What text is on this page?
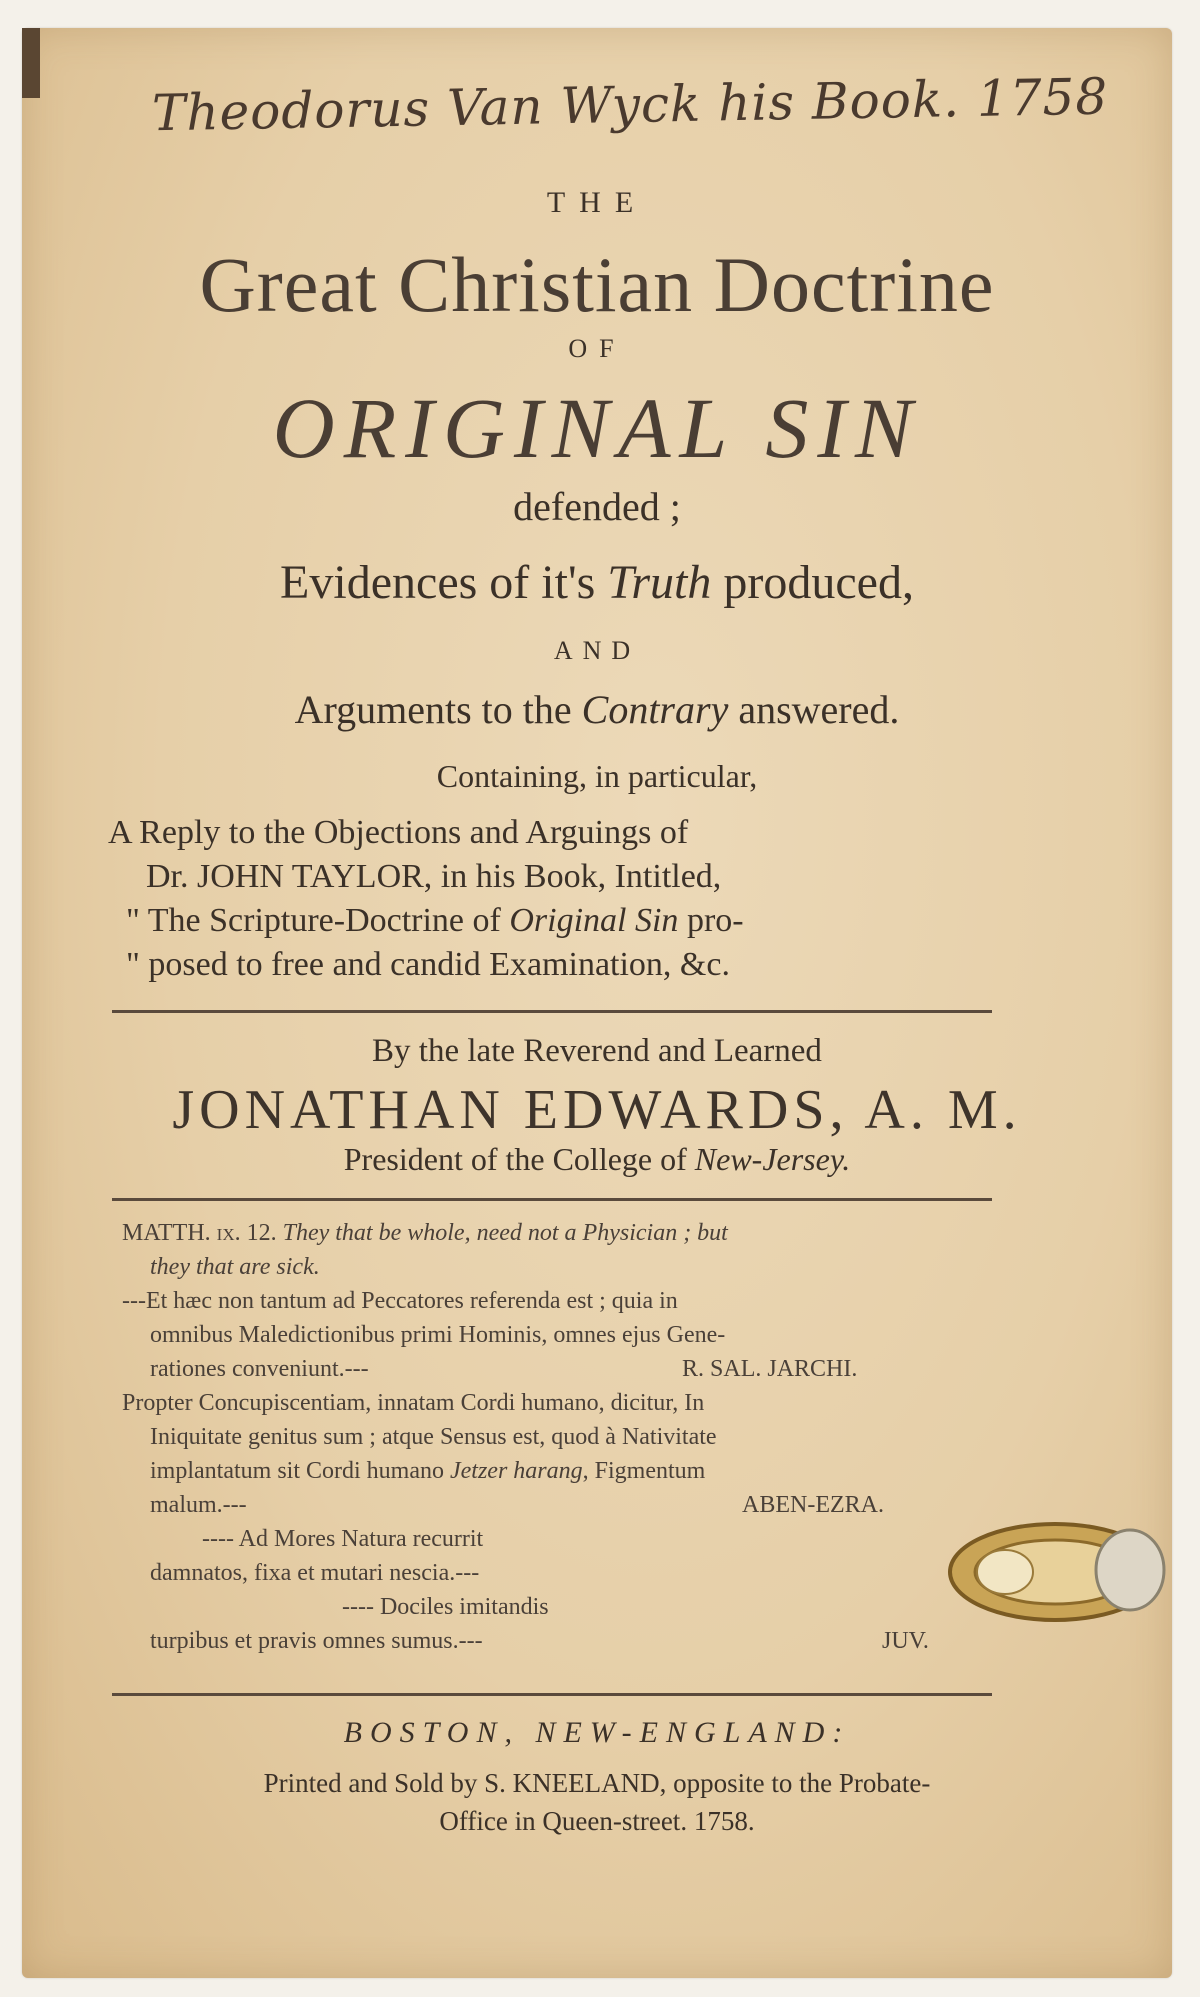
Theodorus Van Wyck his Book. 1758
THE
Great Christian Doctrine
OF
ORIGINAL SIN
defended ;
Evidences of it's Truth produced,
AND
Arguments to the Contrary answered.
Containing, in particular,
A Reply to the Objections and Arguings of
Dr. JOHN TAYLOR, in his Book, Intitled,
" The Scripture-Doctrine of Original Sin pro-
" posed to free and candid Examination, &c.
By the late Reverend and Learned
JONATHAN EDWARDS, A. M.
President of the College of New-Jersey.
MATTH. ix. 12. They that be whole, need not a Physician ; but
they that are sick.
---Et hæc non tantum ad Peccatores referenda est ; quia in
omnibus Maledictionibus primi Hominis, omnes ejus Gene-
rationes conveniunt.---	R. SAL. JARCHI.
Propter Concupiscentiam, innatam Cordi humano, dicitur, In
Iniquitate genitus sum ; atque Sensus est, quod à Nativitate
implantatum sit Cordi humano Jetzer harang, Figmentum
malum.---	ABEN-EZRA.
---- Ad Mores Natura recurrit
damnatos, fixa et mutari nescia.---
---- Dociles imitandis
turpibus et pravis omnes sumus.---	JUV.
BOSTON, NEW-ENGLAND:
Printed and Sold by S. KNEELAND, opposite to the Probate-
Office in Queen-street. 1758.
